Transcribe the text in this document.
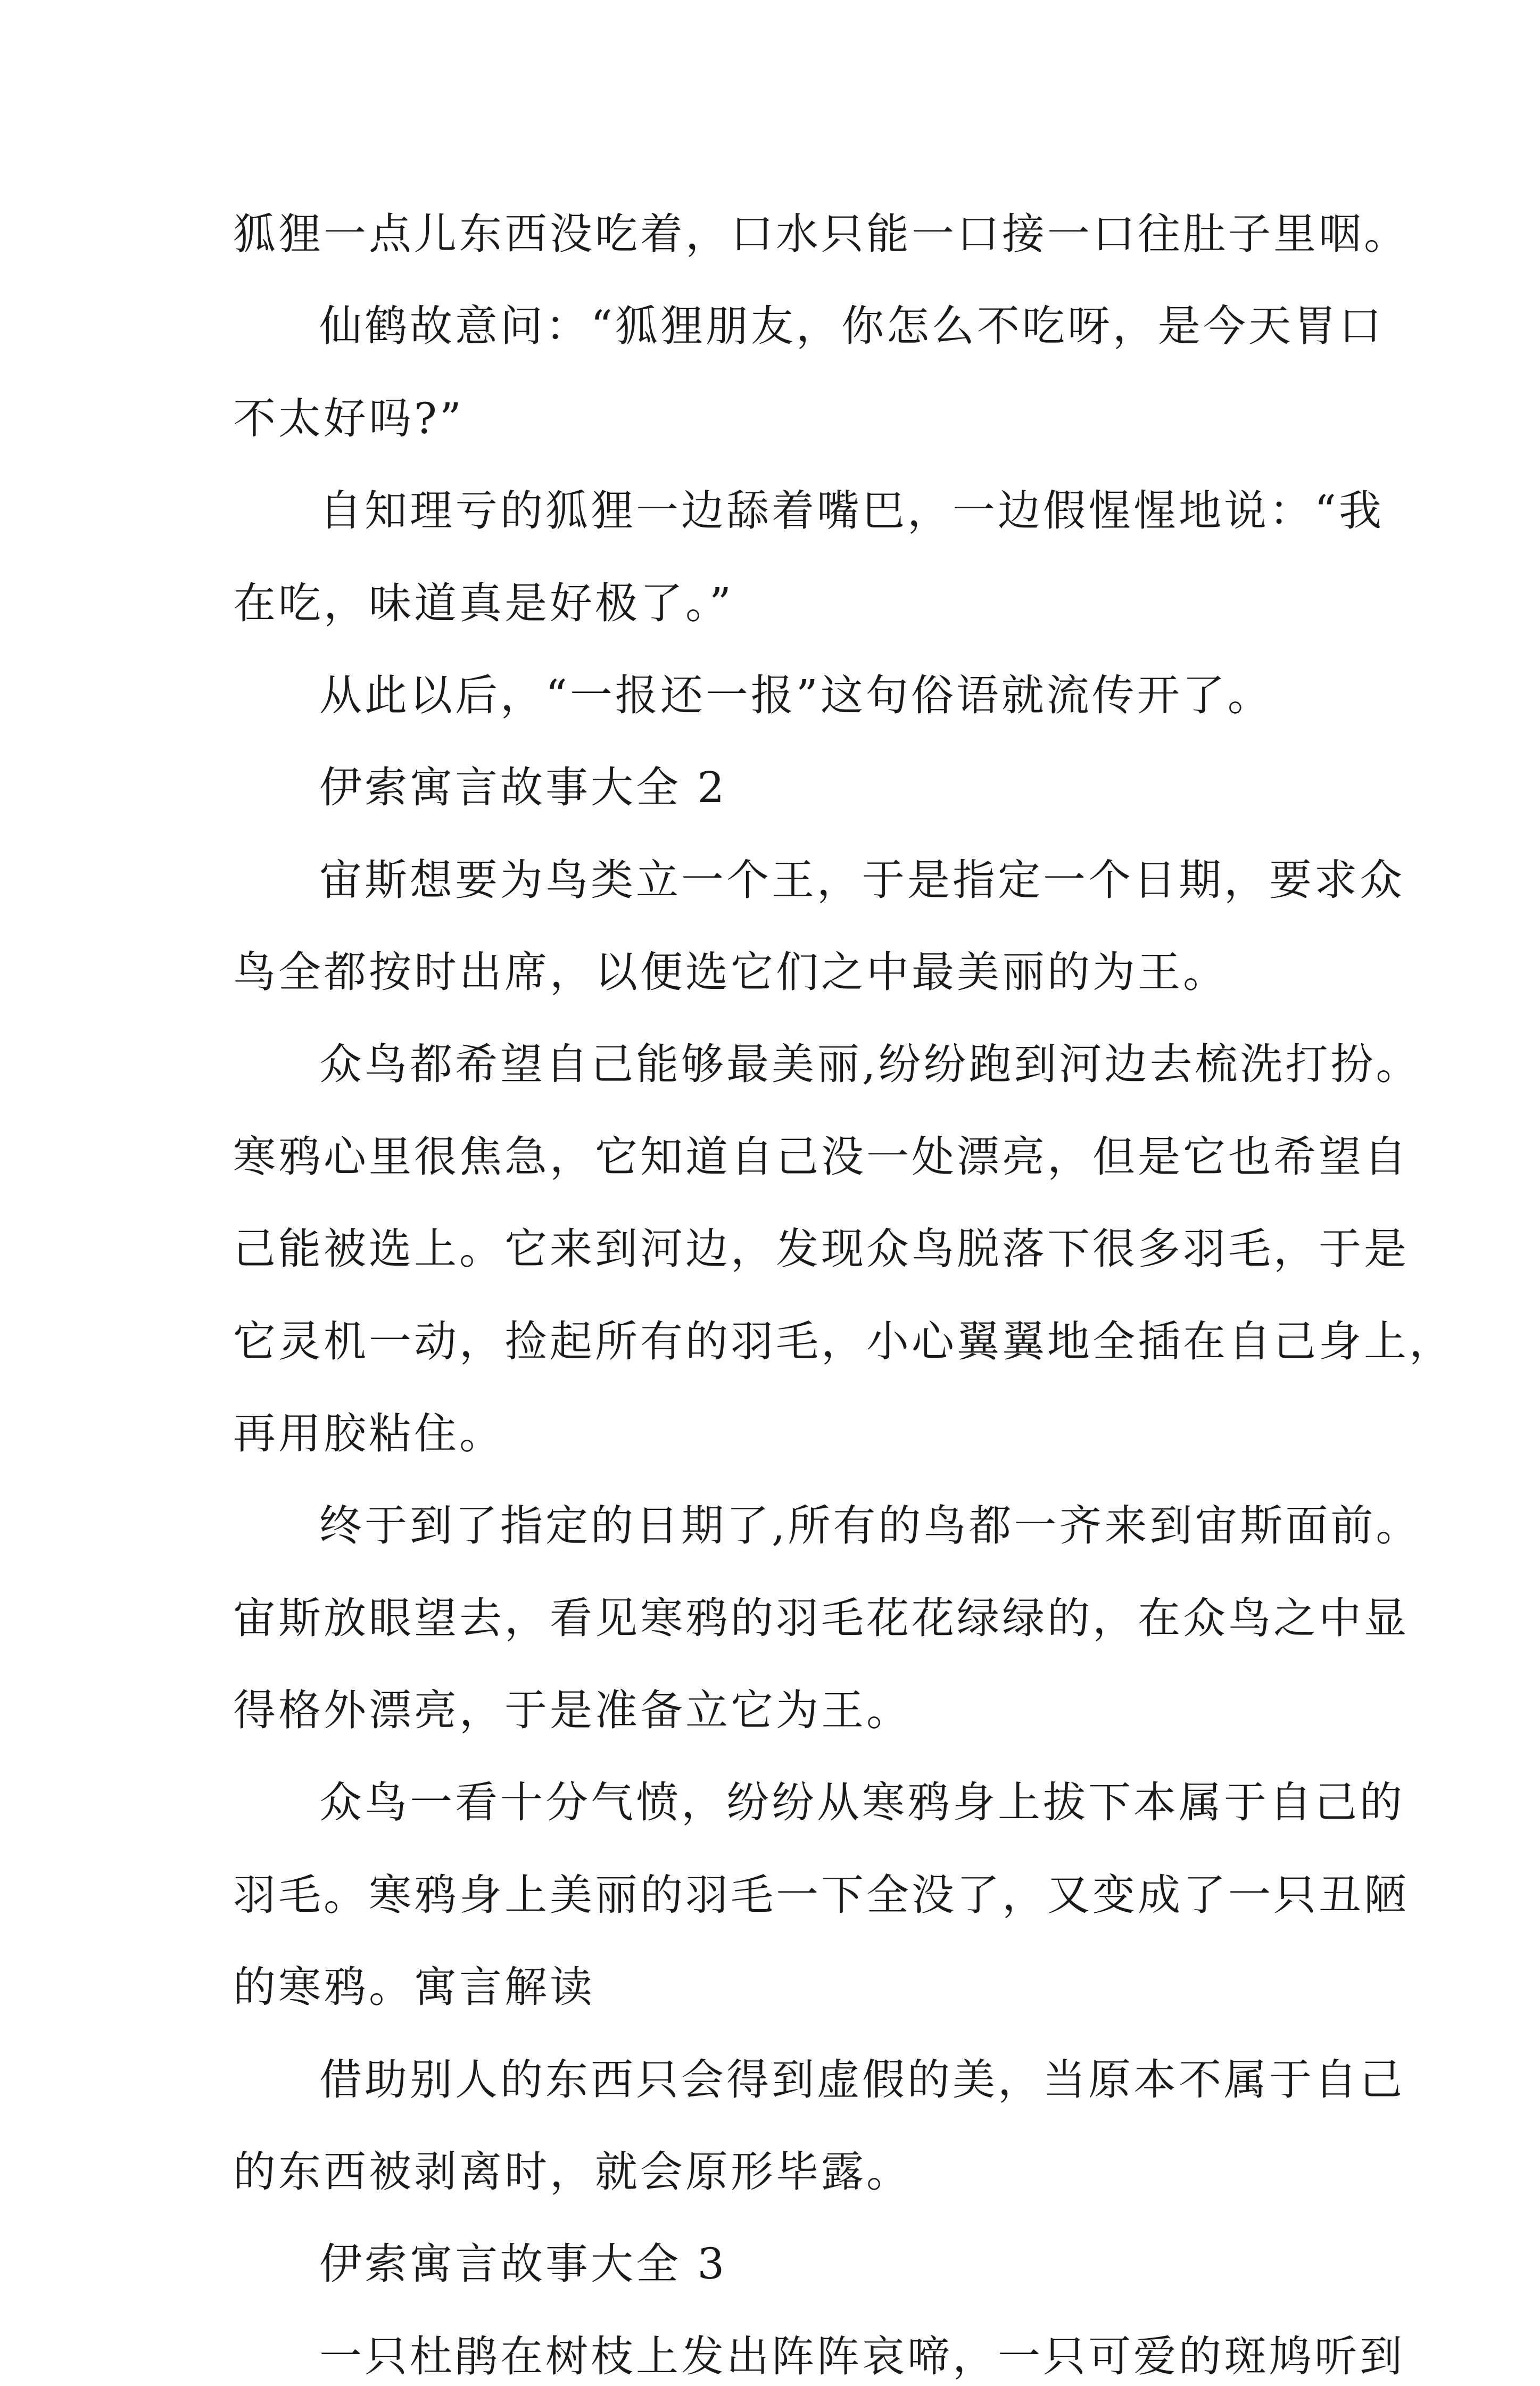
狐狸一点儿东西没吃着，口水只能一口接一口往肚子里咽。
仙鹤故意问：“狐狸朋友，你怎么不吃呀，是今天胃口
不太好吗?”
自知理亏的狐狸一边舔着嘴巴，一边假惺惺地说：“我
在吃，味道真是好极了。”
从此以后，“一报还一报”这句俗语就流传开了。
伊索寓言故事大全 2
宙斯想要为鸟类立一个王，于是指定一个日期，要求众
鸟全都按时出席，以便选它们之中最美丽的为王。
众鸟都希望自己能够最美丽,纷纷跑到河边去梳洗打扮。
寒鸦心里很焦急，它知道自己没一处漂亮，但是它也希望自
己能被选上。它来到河边，发现众鸟脱落下很多羽毛，于是
它灵机一动，捡起所有的羽毛，小心翼翼地全插在自己身上，
再用胶粘住。
终于到了指定的日期了,所有的鸟都一齐来到宙斯面前。
宙斯放眼望去，看见寒鸦的羽毛花花绿绿的，在众鸟之中显
得格外漂亮，于是准备立它为王。
众鸟一看十分气愤，纷纷从寒鸦身上拔下本属于自己的
羽毛。寒鸦身上美丽的羽毛一下全没了，又变成了一只丑陋
的寒鸦。寓言解读
借助别人的东西只会得到虚假的美，当原本不属于自己
的东西被剥离时，就会原形毕露。
伊索寓言故事大全 3
一只杜鹃在树枝上发出阵阵哀啼，一只可爱的斑鸠听到
